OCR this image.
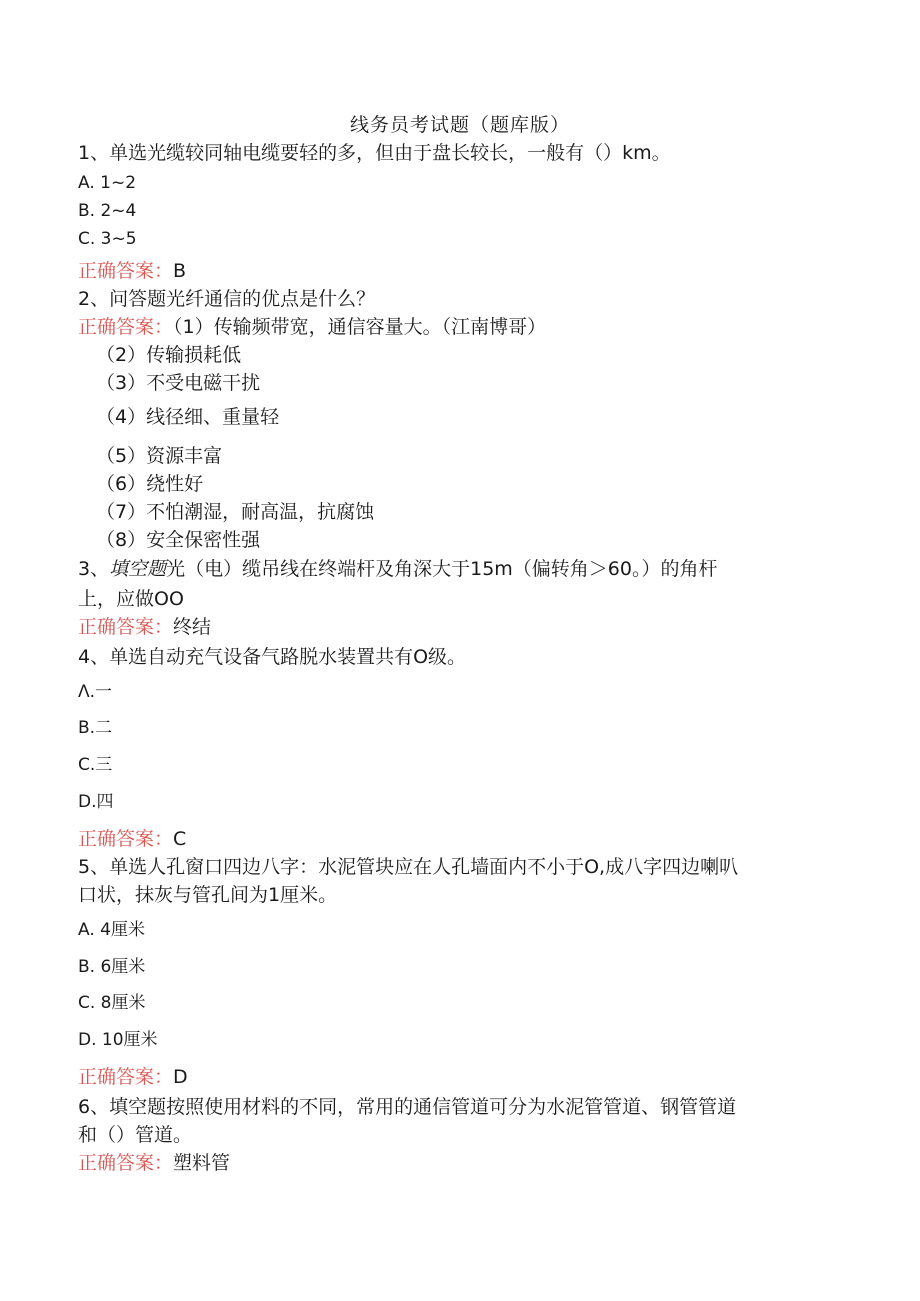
线务员考试题（题库版）
1、单选光缆较同轴电缆要轻的多，但由于盘长较长，一般有（）km。
A. 1~2
B. 2~4
C. 3~5
正确答案：B
2、问答题光纤通信的优点是什么？
正确答案：（1）传输频带宽，通信容量大。（江南博哥）
（2）传输损耗低
（3）不受电磁干扰
（4）线径细、重量轻
（5）资源丰富
（6）绕性好
（7）不怕潮湿，耐高温，抗腐蚀
（8）安全保密性强
3、填空题光（电）缆吊线在终端杆及角深大于15m（偏转角＞60。）的角杆
上，应做OO
正确答案：终结
4、单选自动充气设备气路脱水装置共有O级。
Λ.一
B.二
C.三
D.四
正确答案：C
5、单选人孔窗口四边八字：水泥管块应在人孔墙面内不小于O,成八字四边喇叭
口状，抹灰与管孔间为1厘米。
A. 4厘米
B. 6厘米
C. 8厘米
D. 10厘米
正确答案：D
6、填空题按照使用材料的不同，常用的通信管道可分为水泥管管道、钢管管道
和（）管道。
正确答案：塑料管
